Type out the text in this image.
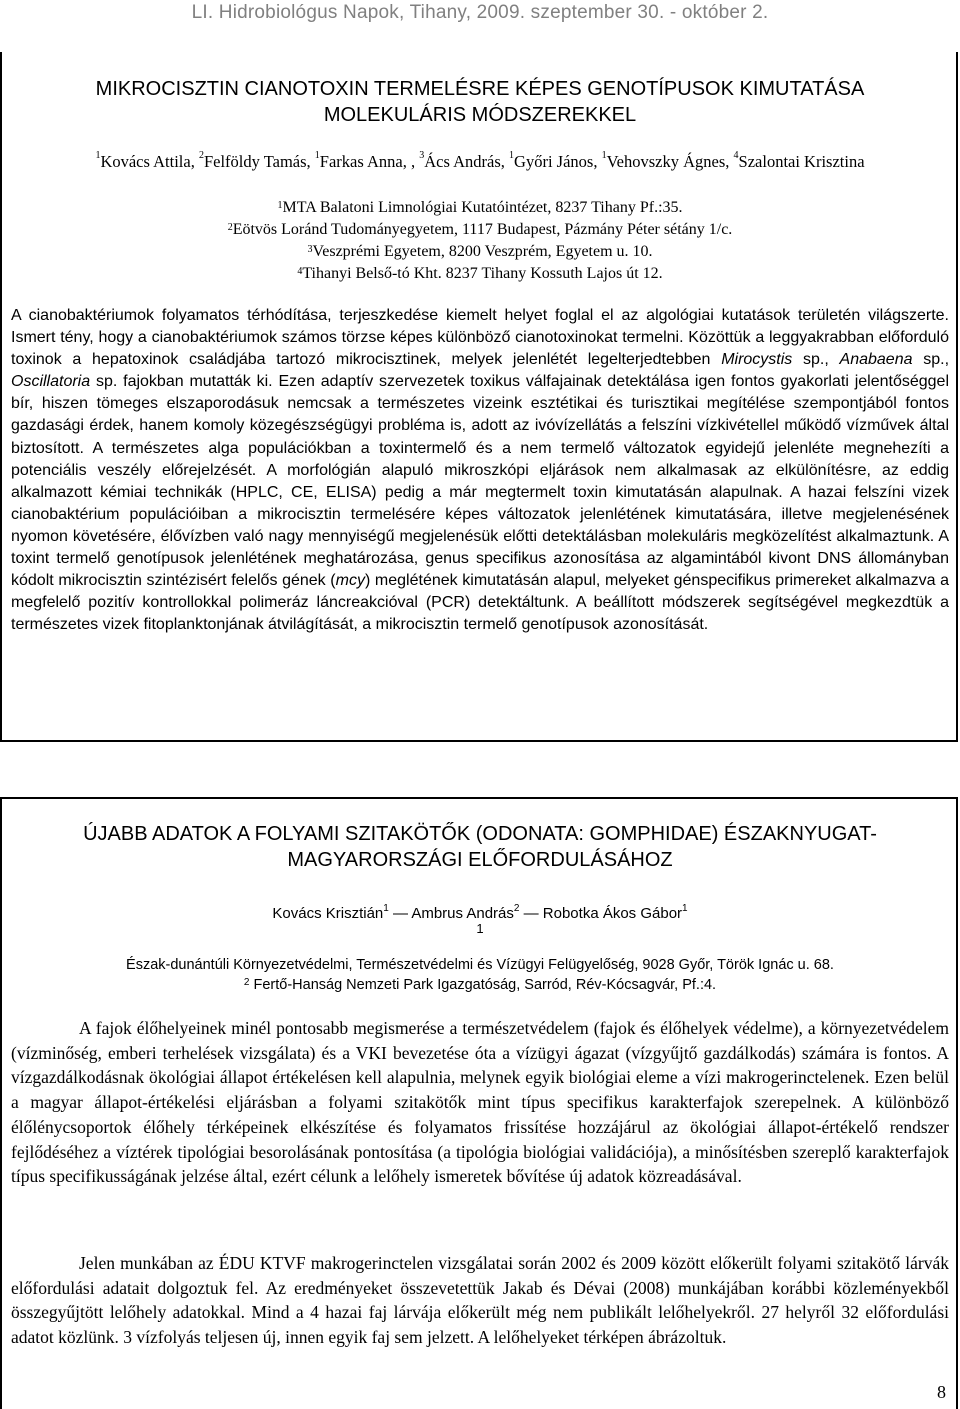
LI. Hidrobiológus Napok, Tihany, 2009. szeptember 30. - október 2.
MIKROCISZTIN CIANOTOXIN TERMELÉSRE KÉPES GENOTÍPUSOK KIMUTATÁSA
MOLEKULÁRIS MÓDSZEREKKEL
$^1$Kovács Attila, $^2$Felföldy Tamás, $^1$Farkas Anna, , $^3$Ács András, $^1$Győri János, $^1$Vehovszky Ágnes, $^4$Szalontai Krisztina
$^1$MTA Balatoni Limnológiai Kutatóintézet, 8237 Tihany Pf.:35.
$^2$Eötvös Loránd Tudományegyetem, 1117 Budapest, Pázmány Péter sétány 1/c.
$^3$Veszprémi Egyetem, 8200 Veszprém, Egyetem u. 10.
$^4$Tihanyi Belső-tó Kht. 8237 Tihany Kossuth Lajos út 12.
A cianobaktériumok folyamatos térhódítása, terjeszkedése kiemelt helyet foglal el az algológiai kutatások területén világszerte. Ismert tény, hogy a cianobaktériumok számos törzse képes különböző cianotoxinokat termelni. Közöttük a leggyakrabban előforduló toxinok a hepatoxinok családjába tartozó mikrocisztinek, melyek jelenlétét legelterjedtebben Mirocystis sp., Anabaena sp., Oscillatoria sp. fajokban mutatták ki. Ezen adaptív szervezetek toxikus válfajainak detektálása igen fontos gyakorlati jelentőséggel bír, hiszen tömeges elszaporodásuk nemcsak a természetes vizeink esztétikai és turisztikai megítélése szempontjából fontos gazdasági érdek, hanem komoly közegészségügyi probléma is, adott az ivóvízellátás a felszíni vízkivétellel működő vízművek által biztosított. A természetes alga populációkban a toxintermelő és a nem termelő változatok egyidejű jelenléte megnehezíti a potenciális veszély előrejelzését. A morfológián alapuló mikroszkópi eljárások nem alkalmasak az elkülönítésre, az eddig alkalmazott kémiai technikák (HPLC, CE, ELISA) pedig a már megtermelt toxin kimutatásán alapulnak. A hazai felszíni vizek cianobaktérium populációiban a mikrocisztin termelésére képes változatok jelenlétének kimutatására, illetve megjelenésének nyomon követésére, élővízben való nagy mennyiségű megjelenésük előtti detektálásban molekuláris megközelítést alkalmaztunk. A toxint termelő genotípusok jelenlétének meghatározása, genus specifikus azonosítása az algamintából kivont DNS állományban kódolt mikrocisztin szintézisért felelős gének (mcy) meglétének kimutatásán alapul, melyeket génspecifikus primereket alkalmazva a megfelelő pozitív kontrollokkal polimeráz láncreakcióval (PCR) detektáltunk. A beállított módszerek segítségével megkezdtük a természetes vizek fitoplanktonjának átvilágítását, a mikrocisztin termelő genotípusok azonosítását.
ÚJABB ADATOK A FOLYAMI SZITAKÖTŐK (ODONATA: GOMPHIDAE) ÉSZAKNYUGAT-
MAGYARORSZÁGI ELŐFORDULÁSÁHOZ
Kovács Krisztián$^1$ — Ambrus András$^2$ — Robotka Ákos Gábor$^1$
1
Észak-dunántúli Környezetvédelmi, Természetvédelmi és Vízügyi Felügyelőség, 9028 Győr, Török Ignác u. 68.
$^2$ Fertő-Hanság Nemzeti Park Igazgatóság, Sarród, Rév-Kócsagvár, Pf.:4.
A fajok élőhelyeinek minél pontosabb megismerése a természetvédelem (fajok és élőhelyek védelme), a környezetvédelem (vízminőség, emberi terhelések vizsgálata) és a VKI bevezetése óta a vízügyi ágazat (vízgyűjtő gazdálkodás) számára is fontos. A vízgazdálkodásnak ökológiai állapot értékelésen kell alapulnia, melynek egyik biológiai eleme a vízi makrogerinctelenek. Ezen belül a magyar állapot-értékelési eljárásban a folyami szitakötők mint típus specifikus karakterfajok szerepelnek. A különböző élőlénycsoportok élőhely térképeinek elkészítése és folyamatos frissítése hozzájárul az ökológiai állapot-értékelő rendszer fejlődéséhez a víztérek tipológiai besorolásának pontosítása (a tipológia biológiai validációja), a minősítésben szereplő karakterfajok típus specifikusságának jelzése által, ezért célunk a lelőhely ismeretek bővítése új adatok közreadásával.
Jelen munkában az ÉDU KTVF makrogerinctelen vizsgálatai során 2002 és 2009 között előkerült folyami szitakötő lárvák előfordulási adatait dolgoztuk fel. Az eredményeket összevetettük Jakab és Dévai (2008) munkájában korábbi közleményekből összegyűjtött lelőhely adatokkal. Mind a 4 hazai faj lárvája előkerült még nem publikált lelőhelyekről. 27 helyről 32 előfordulási adatot közlünk. 3 vízfolyás teljesen új, innen egyik faj sem jelzett. A lelőhelyeket térképen ábrázoltuk.
8
